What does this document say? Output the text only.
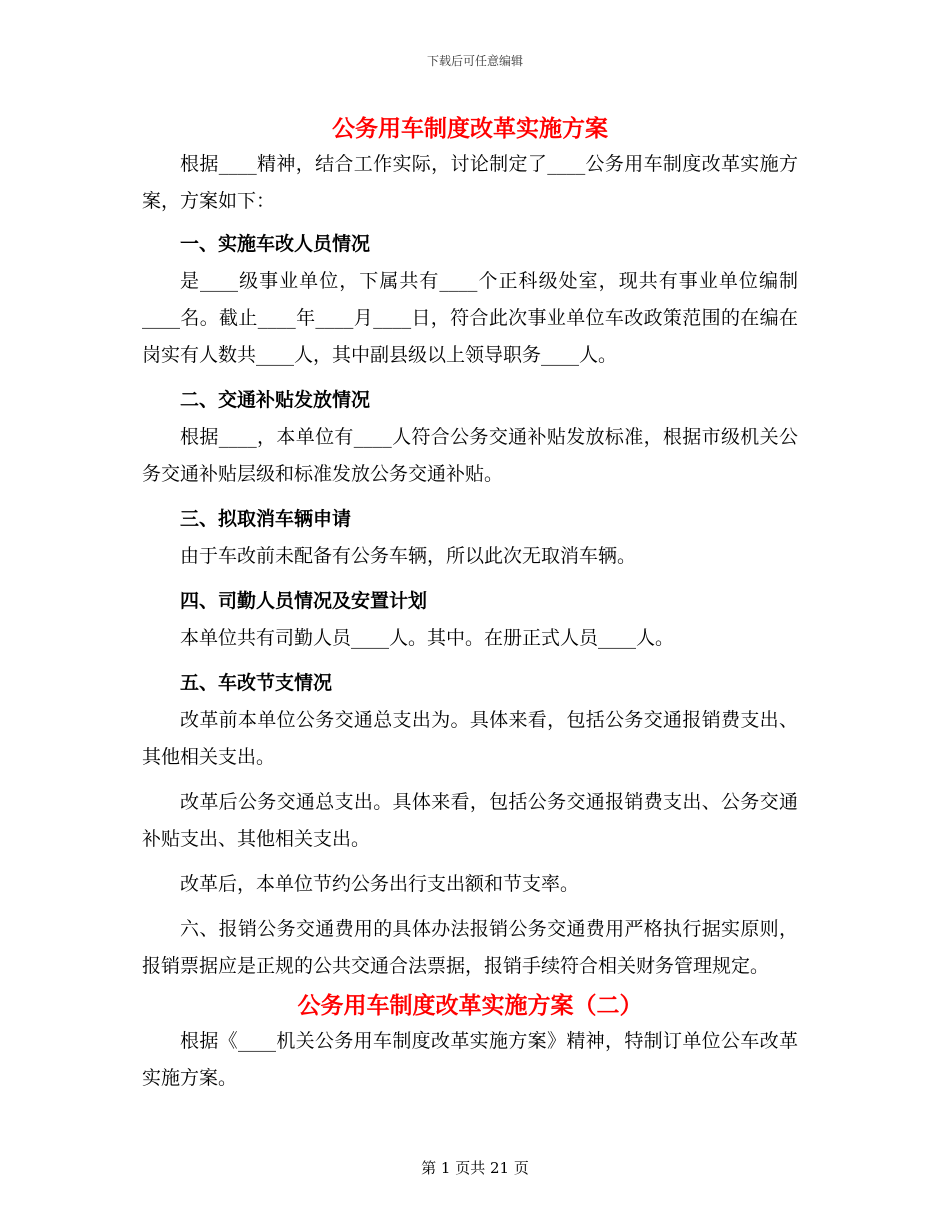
下载后可任意编辑
公务用车制度改革实施方案

根据____精神，结合工作实际，讨论制定了____公务用车制度改革实施方案，方案如下：

一、实施车改人员情况

是____级事业单位，下属共有____个正科级处室，现共有事业单位编制____名。截止____年____月____日，符合此次事业单位车改政策范围的在编在岗实有人数共____人，其中副县级以上领导职务____人。

二、交通补贴发放情况

根据____，本单位有____人符合公务交通补贴发放标准，根据市级机关公务交通补贴层级和标准发放公务交通补贴。

三、拟取消车辆申请

由于车改前未配备有公务车辆，所以此次无取消车辆。

四、司勤人员情况及安置计划

本单位共有司勤人员____人。其中。在册正式人员____人。

五、车改节支情况

改革前本单位公务交通总支出为。具体来看，包括公务交通报销费支出、其他相关支出。

改革后公务交通总支出。具体来看，包括公务交通报销费支出、公务交通补贴支出、其他相关支出。

改革后，本单位节约公务出行支出额和节支率。

六、报销公务交通费用的具体办法报销公务交通费用严格执行据实原则，报销票据应是正规的公共交通合法票据，报销手续符合相关财务管理规定。

公务用车制度改革实施方案（二）

根据《____机关公务用车制度改革实施方案》精神，特制订单位公车改革实施方案。

第 1 页共 21 页
